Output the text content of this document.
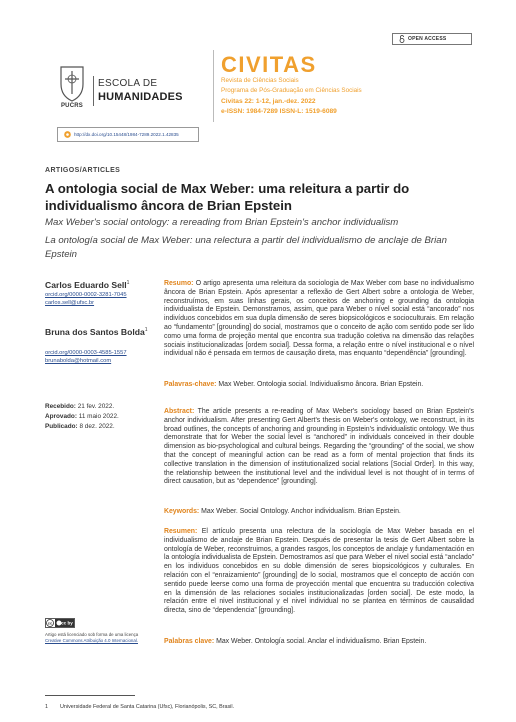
OPEN ACCESS
PUCRS
ESCOLA DE
HUMANIDADES
CIVITAS
Revista de Ciências Sociais
Programa de Pós-Graduação em Ciências Sociais
Civitas 22: 1-12, jan.-dez. 2022
e-ISSN: 1984-7289 ISSN-L: 1519-6089
http://dx.doi.org/10.15448/1984-7289.2022.1.42835
ARTIGOS/ARTICLES
A ontologia social de Max Weber: uma releitura a partir do individualismo âncora de Brian Epstein
Max Weber's social ontology: a rereading from Brian Epstein's anchor individualism
La ontología social de Max Weber: una relectura a partir del individualismo de anclaje de Brian Epstein
Carlos Eduardo Sell$^1$
orcid.org/0000-0002-3281-7045
carlos.sell@ufsc.br
Bruna dos Santos Bolda$^1$
orcid.org/0000-0003-4585-1557
brunabolda@hotmail.com
Recebido: 21 fev. 2022.
Aprovado: 11 maio 2022.
Publicado: 8 dez. 2022.
cc cc by
Artigo está licenciado sob forma de uma licença
Creative Commons Atribuição 4.0 Internacional.
1 Universidade Federal de Santa Catarina (Ufsc), Florianópolis, SC, Brasil.
Resumo: O artigo apresenta uma releitura da sociologia de Max Weber com base no individualismo âncora de Brian Epstein. Após apresentar a reflexão de Gert Albert sobre a ontologia de Weber, reconstruímos, em suas linhas gerais, os conceitos de anchoring e grounding da ontologia individualista de Epstein. Demonstramos, assim, que para Weber o nível social está “ancorado” nos indivíduos concebidos em sua dupla dimensão de seres biopsicológicos e socioculturais. Em relação ao “fundamento” [grounding] do social, mostramos que o conceito de ação com sentido pode ser lido como uma forma de projeção mental que encontra sua tradução coletiva na dimensão das relações sociais institucionalizadas [ordem social]. Dessa forma, a relação entre o nível institucional e o nível individual não é pensada em termos de causação direta, mas enquanto “dependência” [grounding].
Palavras-chave: Max Weber. Ontologia social. Individualismo âncora. Brian Epstein.
Abstract: The article presents a re-reading of Max Weber's sociology based on Brian Epstein's anchor individualism. After presenting Gert Albert's thesis on Weber's ontology, we reconstruct, in its broad outlines, the concepts of anchoring and grounding in Epstein's individualistic ontology. We thus demonstrate that for Weber the social level is “anchored” in individuals conceived in their double dimension as bio-psychological and cultural beings. Regarding the “grounding” of the social, we show that the concept of meaningful action can be read as a form of mental projection that finds its collective translation in the dimension of institutionalized social relations [Social Order]. In this way, the relationship between the institutional level and the individual level is not thought of in terms of direct causation, but as “dependence” [grounding].
Keywords: Max Weber. Social Ontology. Anchor individualism. Brian Epstein.
Resumen: El artículo presenta una relectura de la sociología de Max Weber basada en el individualismo de anclaje de Brian Epstein. Después de presentar la tesis de Gert Albert sobre la ontología de Weber, reconstruimos, a grandes rasgos, los conceptos de anclaje y fundamentación en la ontología individualista de Epstein. Demostramos así que para Weber el nivel social está “anclado” en los individuos concebidos en su doble dimensión de seres biopsicológicos y culturales. En relación con el “enraizamiento” [grounding] de lo social, mostramos que el concepto de acción con sentido puede leerse como una forma de proyección mental que encuentra su traducción colectiva en la dimensión de las relaciones sociales institucionalizadas [orden social]. De este modo, la relación entre el nivel institucional y el nivel individual no se plantea en términos de causalidad directa, sino de “dependencia” [grounding].
Palabras clave: Max Weber. Ontología social. Anclar el individualismo. Brian Epstein.
